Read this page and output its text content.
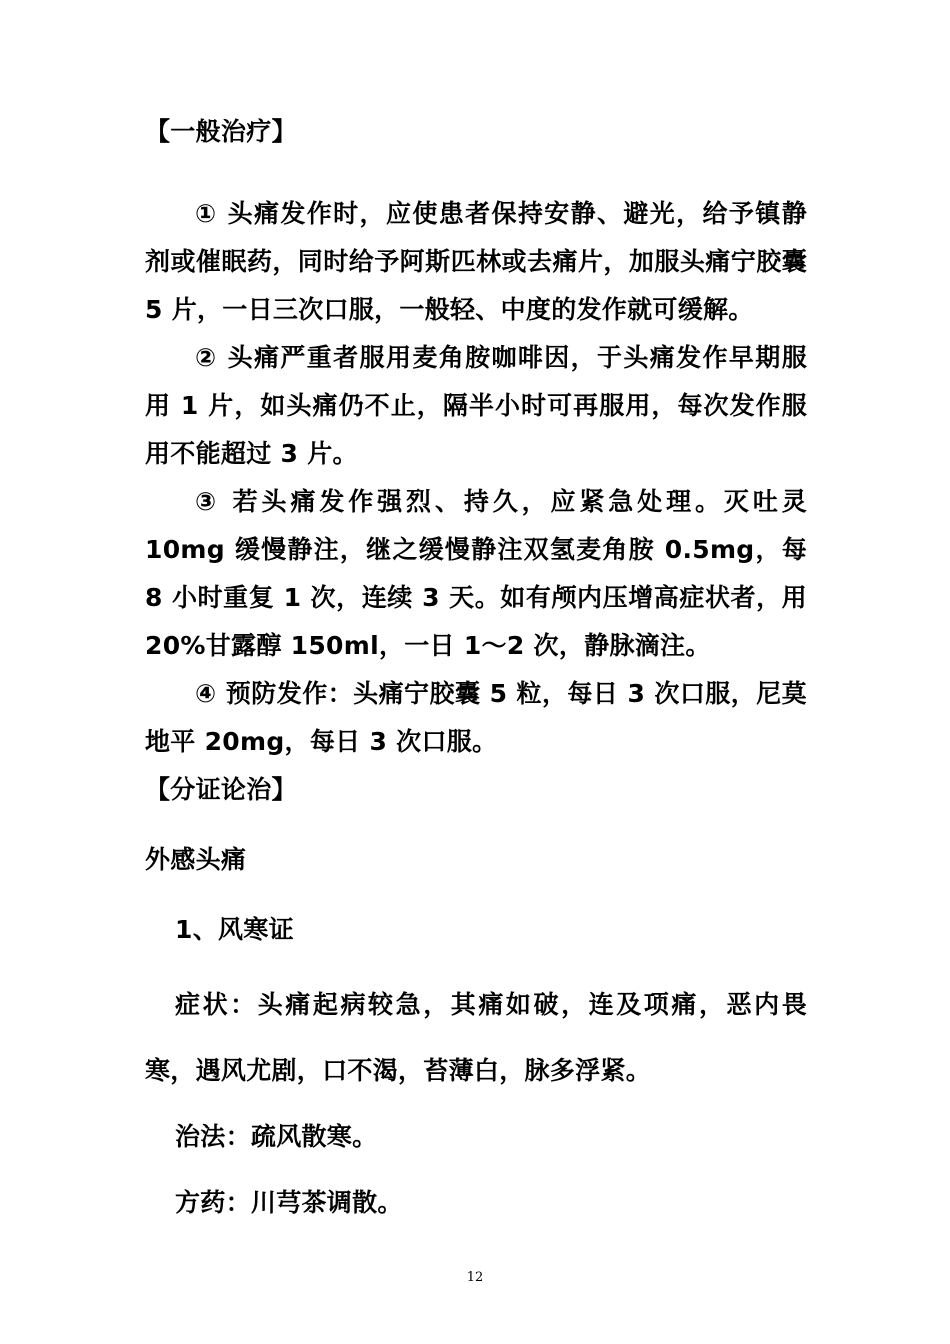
【一般治疗】

① 头痛发作时，应使患者保持安静、避光，给予镇静剂或催眠药，同时给予阿斯匹林或去痛片，加服头痛宁胶囊 5 片，一日三次口服，一般轻、中度的发作就可缓解。

② 头痛严重者服用麦角胺咖啡因，于头痛发作早期服用 1 片，如头痛仍不止，隔半小时可再服用，每次发作服用不能超过 3 片。

③ 若头痛发作强烈、持久，应紧急处理。灭吐灵 10mg 缓慢静注，继之缓慢静注双氢麦角胺 0.5mg，每 8 小时重复 1 次，连续 3 天。如有颅内压增高症状者，用 20%甘露醇 150ml，一日 1～2 次，静脉滴注。

④ 预防发作：头痛宁胶囊 5 粒，每日 3 次口服，尼莫地平 20mg，每日 3 次口服。

【分证论治】

外感头痛

1、风寒证

症状：头痛起病较急，其痛如破，连及项痛，恶内畏寒，遇风尤剧，口不渴，苔薄白，脉多浮紧。

治法：疏风散寒。

方药：川芎茶调散。

12
